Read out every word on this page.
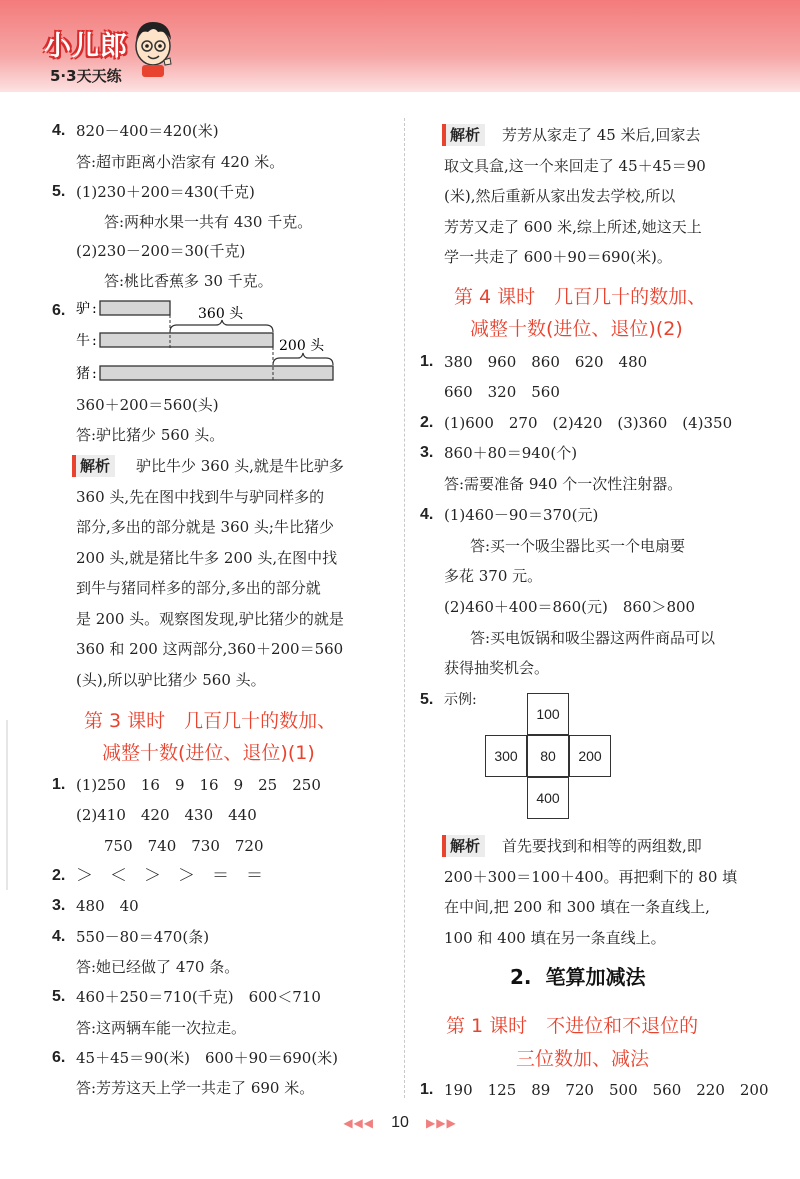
小儿郎
5·3天天练
4. 820－400＝420(米)
答:超市距离小浩家有 420 米。
5. (1)230＋200＝430(千克)
答:两种水果一共有 430 千克。
(2)230－200＝30(千克)
答:桃比香蕉多 30 千克。
6. 驴
牛
猪
:
:
:
360 头
200 头
360＋200＝560(头)
答:驴比猪少 560 头。
解析	驴比牛少 360 头,就是牛比驴多
360 头,先在图中找到牛与驴同样多的
部分,多出的部分就是 360 头;牛比猪少
200 头,就是猪比牛多 200 头,在图中找
到牛与猪同样多的部分,多出的部分就
是 200 头。观察图发现,驴比猪少的就是
360 和 200 这两部分,360＋200＝560
(头),所以驴比猪少 560 头。
第 3 课时　几百几十的数加、
减整十数(进位、退位)(1)
1. (1)250　16　9　16　9　25　250
(2)410　420　430　440
750　740　730　720
2. ＞　＜　＞　＞　＝　＝
3. 480　40
4. 550－80＝470(条)
答:她已经做了 470 条。
5. 460＋250＝710(千克)　600＜710
答:这两辆车能一次拉走。
6. 45＋45＝90(米)　600＋90＝690(米)
答:芳芳这天上学一共走了 690 米。
解析	芳芳从家走了 45 米后,回家去
取文具盒,这一个来回走了 45＋45＝90
(米),然后重新从家出发去学校,所以
芳芳又走了 600 米,综上所述,她这天上
学一共走了 600＋90＝690(米)。
第 4 课时　几百几十的数加、
减整十数(进位、退位)(2)
1. 380　960　860　620　480
660　320　560
2. (1)600　270　(2)420　(3)360　(4)350
3. 860＋80＝940(个)
答:需要准备 940 个一次性注射器。
4. (1)460－90＝370(元)
答:买一个吸尘器比买一个电扇要
多花 370 元。
(2)460＋400＝860(元)　860＞800
答:买电饭锅和吸尘器这两件商品可以
获得抽奖机会。
5. 示例:
100
300	80	200
400
解析	首先要找到和相等的两组数,即
200＋300＝100＋400。再把剩下的 80 填
在中间,把 200 和 300 填在一条直线上,
100 和 400 填在另一条直线上。
2.  笔算加减法
第 1 课时　不进位和不退位的
三位数加、减法
1. 190　125　89　720　500　560　220　200
◀◀◀ 10 ▶▶▶
